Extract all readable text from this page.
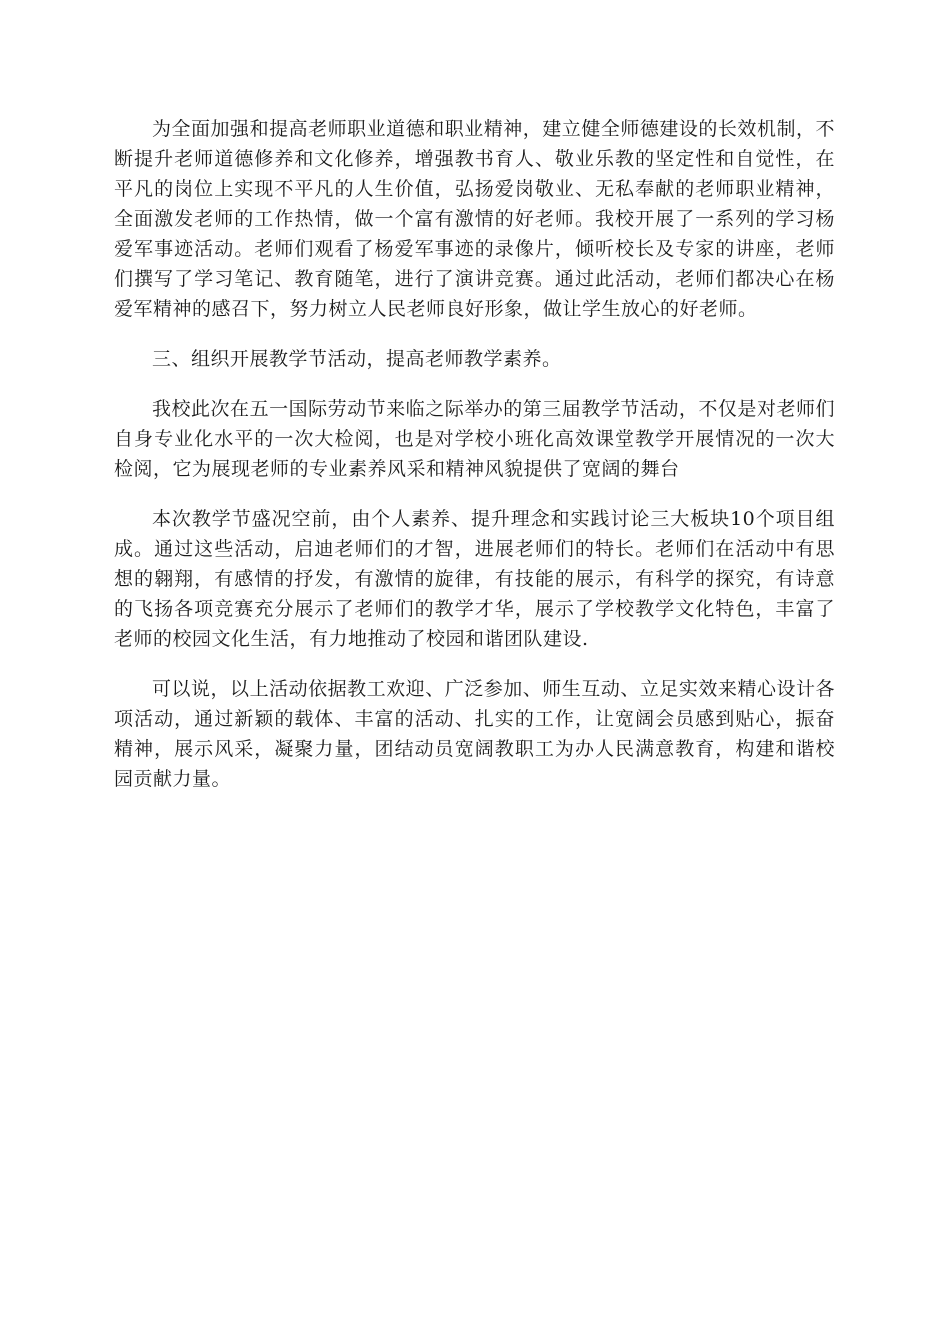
为全面加强和提高老师职业道德和职业精神，建立健全师德建设的长效机制，不断提升老师道德修养和文化修养，增强教书育人、敬业乐教的坚定性和自觉性，在平凡的岗位上实现不平凡的人生价值，弘扬爱岗敬业、无私奉献的老师职业精神，全面激发老师的工作热情，做一个富有激情的好老师。我校开展了一系列的学习杨爱军事迹活动。老师们观看了杨爱军事迹的录像片，倾听校长及专家的讲座，老师们撰写了学习笔记、教育随笔，进行了演讲竞赛。通过此活动，老师们都决心在杨爱军精神的感召下，努力树立人民老师良好形象，做让学生放心的好老师。

三、组织开展教学节活动，提高老师教学素养。

我校此次在五一国际劳动节来临之际举办的第三届教学节活动，不仅是对老师们自身专业化水平的一次大检阅，也是对学校小班化高效课堂教学开展情况的一次大检阅，它为展现老师的专业素养风采和精神风貌提供了宽阔的舞台

本次教学节盛况空前，由个人素养、提升理念和实践讨论三大板块10个项目组成。通过这些活动，启迪老师们的才智，进展老师们的特长。老师们在活动中有思想的翱翔，有感情的抒发，有激情的旋律，有技能的展示，有科学的探究，有诗意的飞扬各项竞赛充分展示了老师们的教学才华，展示了学校教学文化特色，丰富了老师的校园文化生活，有力地推动了校园和谐团队建设.

可以说，以上活动依据教工欢迎、广泛参加、师生互动、立足实效来精心设计各项活动，通过新颖的载体、丰富的活动、扎实的工作，让宽阔会员感到贴心，振奋精神，展示风采，凝聚力量，团结动员宽阔教职工为办人民满意教育，构建和谐校园贡献力量。
